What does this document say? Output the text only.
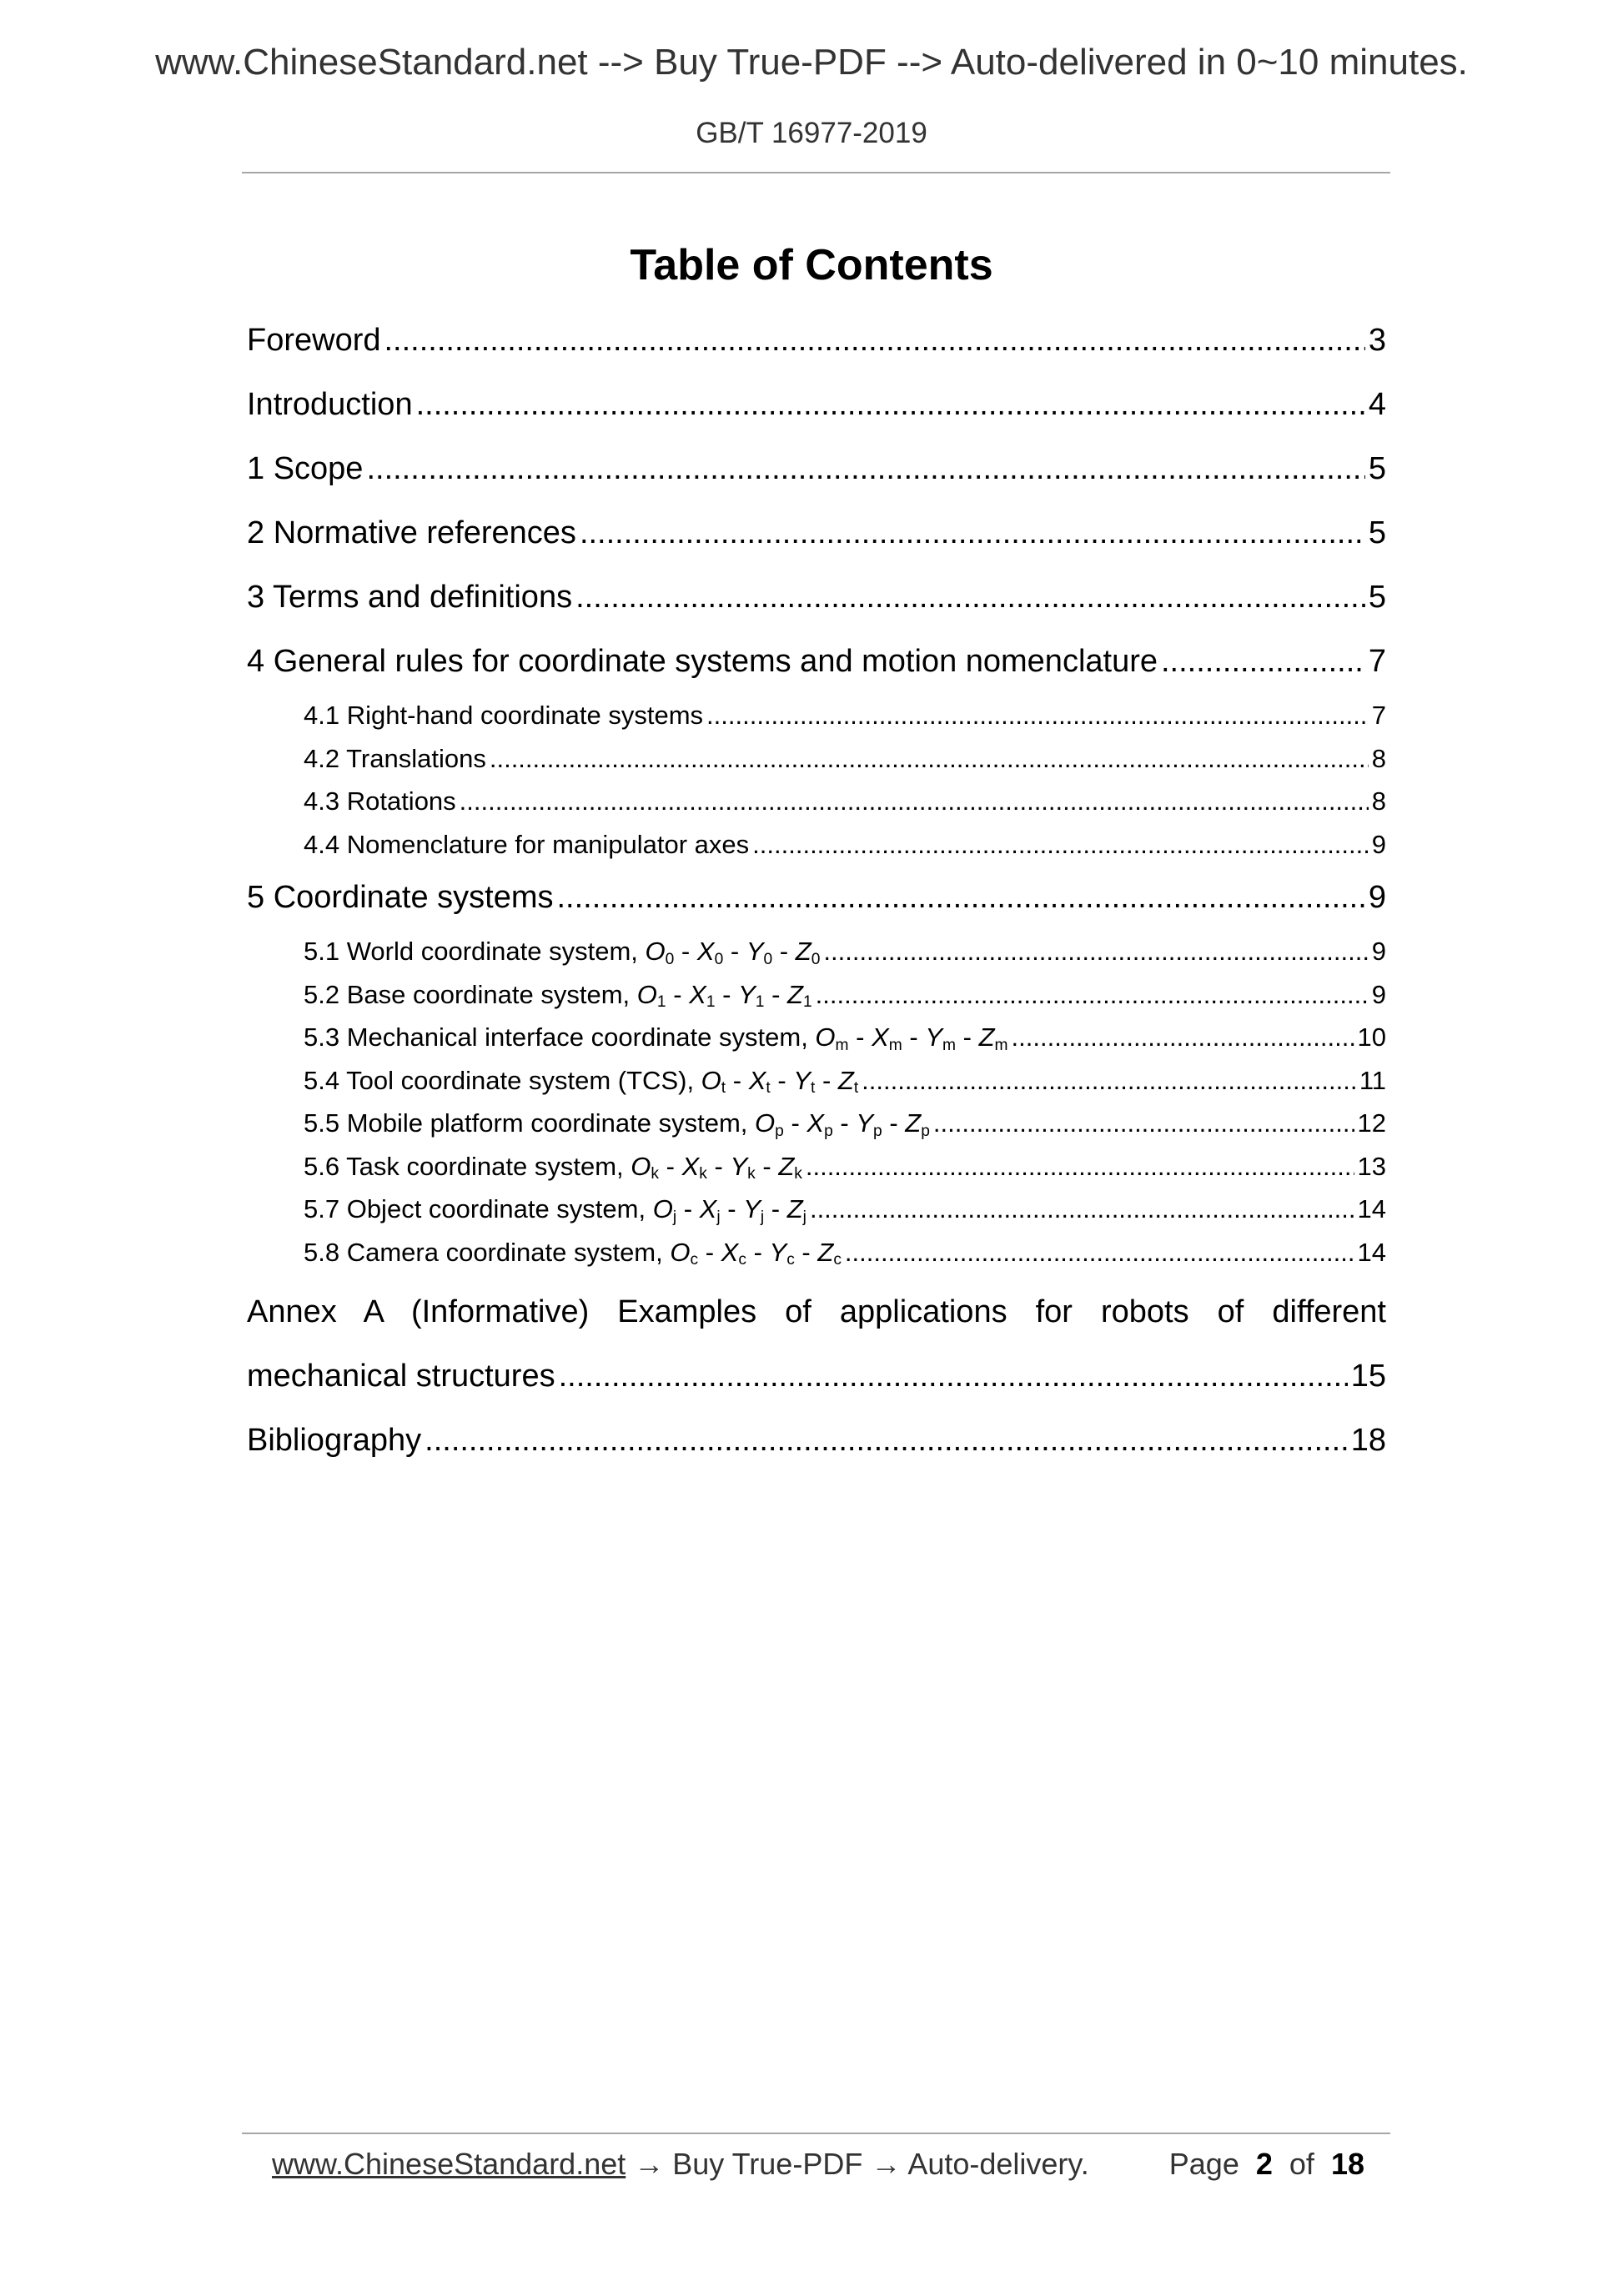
www.ChineseStandard.net --> Buy True-PDF --> Auto-delivered in 0~10 minutes.
GB/T 16977-2019
Table of Contents
Foreword .....	3
Introduction .....	4
1 Scope .....	5
2 Normative references .....	5
3 Terms and definitions .....	5
4 General rules for coordinate systems and motion nomenclature .....	7
4.1 Right-hand coordinate systems .....	7
4.2 Translations .....	8
4.3 Rotations .....	8
4.4 Nomenclature for manipulator axes .....	9
5 Coordinate systems .....	9
5.1 World coordinate system, $O_0 - X_0 - Y_0 - Z_0$ .....	9
5.2 Base coordinate system, $O_1 - X_1 - Y_1 - Z_1$ .....	9
5.3 Mechanical interface coordinate system, $O_m - X_m - Y_m - Z_m$ .....	10
5.4 Tool coordinate system (TCS), $O_t - X_t - Y_t - Z_t$ .....	11
5.5 Mobile platform coordinate system, $O_p - X_p - Y_p - Z_p$ .....	12
5.6 Task coordinate system, $O_k - X_k - Y_k - Z_k$ .....	13
5.7 Object coordinate system, $O_j - X_j - Y_j - Z_j$ .....	14
5.8 Camera coordinate system, $O_c - X_c - Y_c - Z_c$ .....	14
Annex A (Informative) Examples of applications for robots of different
mechanical structures .....	15
Bibliography .....	18
www.ChineseStandard.net → Buy True-PDF → Auto-delivery.	Page 2 of 18
